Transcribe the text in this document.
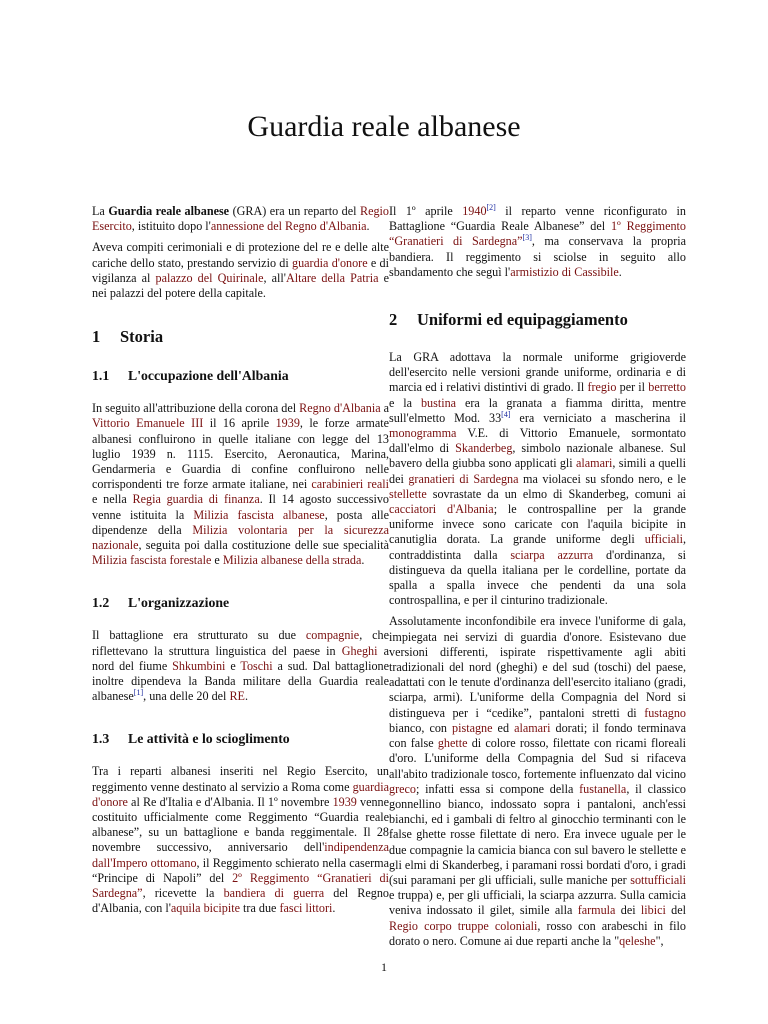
Guardia reale albanese

La Guardia reale albanese (GRA) era un reparto del Regio Esercito, istituito dopo l'annessione del Regno d'Albania.

Aveva compiti cerimoniali e di protezione del re e delle alte cariche dello stato, prestando servizio di guardia d'onore e di vigilanza al palazzo del Quirinale, all'Altare della Patria e nei palazzi del potere della capitale.

1 Storia
1.1 L'occupazione dell'Albania

In seguito all'attribuzione della corona del Regno d'Albania a Vittorio Emanuele III il 16 aprile 1939, le forze armate albanesi confluirono in quelle italiane con legge del 13 luglio 1939 n. 1115. Esercito, Aeronautica, Marina, Gendarmeria e Guardia di confine confluirono nelle corrispondenti tre forze armate italiane, nei carabinieri reali e nella Regia guardia di finanza. Il 14 agosto successivo venne istituita la Milizia fascista albanese, posta alle dipendenze della Milizia volontaria per la sicurezza nazionale, seguita poi dalla costituzione delle sue specialità Milizia fascista forestale e Milizia albanese della strada.

1.2 L'organizzazione

Il battaglione era strutturato su due compagnie, che riflettevano la struttura linguistica del paese in Gheghi a nord del fiume Shkumbini e Toschi a sud. Dal battaglione inoltre dipendeva la Banda militare della Guardia reale albanese[1], una delle 20 del RE.

1.3 Le attività e lo scioglimento

Tra i reparti albanesi inseriti nel Regio Esercito, un reggimento venne destinato al servizio a Roma come guardia d'onore al Re d'Italia e d'Albania. Il 1º novembre 1939 venne costituito ufficialmente come Reggimento “Guardia reale albanese”, su un battaglione e banda reggimentale. Il 28 novembre successivo, anniversario dell'indipendenza dall'Impero ottomano, il Reggimento schierato nella caserma “Principe di Napoli” del 2º Reggimento “Granatieri di Sardegna”, ricevette la bandiera di guerra del Regno d'Albania, con l'aquila bicipite tra due fasci littori.

Il 1º aprile 1940[2] il reparto venne riconfigurato in Battaglione “Guardia Reale Albanese” del 1º Reggimento “Granatieri di Sardegna”[3], ma conservava la propria bandiera. Il reggimento si sciolse in seguito allo sbandamento che seguì l'armistizio di Cassibile.

2 Uniformi ed equipaggiamento

La GRA adottava la normale uniforme grigioverde dell'esercito nelle versioni grande uniforme, ordinaria e di marcia ed i relativi distintivi di grado. Il fregio per il berretto e la bustina era la granata a fiamma diritta, mentre sull'elmetto Mod. 33[4] era verniciato a mascherina il monogramma V.E. di Vittorio Emanuele, sormontato dall'elmo di Skanderbeg, simbolo nazionale albanese. Sul bavero della giubba sono applicati gli alamari, simili a quelli dei granatieri di Sardegna ma violacei su sfondo nero, e le stellette sovrastate da un elmo di Skanderbeg, comuni ai cacciatori d'Albania; le controspalline per la grande uniforme invece sono caricate con l'aquila bicipite in canutiglia dorata. La grande uniforme degli ufficiali, contraddistinta dalla sciarpa azzurra d'ordinanza, si distingueva da quella italiana per le cordelline, portate da spalla a spalla invece che pendenti da una sola controspallina, e per il cinturino tradizionale.

Assolutamente inconfondibile era invece l'uniforme di gala, impiegata nei servizi di guardia d'onore. Esistevano due versioni differenti, ispirate rispettivamente agli abiti tradizionali del nord (gheghi) e del sud (toschi) del paese, adattati con le tenute d'ordinanza dell'esercito italiano (gradi, sciarpa, armi). L'uniforme della Compagnia del Nord si distingueva per i “cedike”, pantaloni stretti di fustagno bianco, con pistagne ed alamari dorati; il fondo terminava con false ghette di colore rosso, filettate con ricami floreali d'oro. L'uniforme della Compagnia del Sud si rifaceva all'abito tradizionale tosco, fortemente influenzato dal vicino greco; infatti essa si compone della fustanella, il classico gonnellino bianco, indossato sopra i pantaloni, anch'essi bianchi, ed i gambali di feltro al ginocchio terminanti con le false ghette rosse filettate di nero. Era invece uguale per le due compagnie la camicia bianca con sul bavero le stellette e gli elmi di Skanderbeg, i paramani rossi bordati d'oro, i gradi (sui paramani per gli ufficiali, sulle maniche per sottufficiali e truppa) e, per gli ufficiali, la sciarpa azzurra. Sulla camicia veniva indossato il gilet, simile alla farmula dei libici del Regio corpo truppe coloniali, rosso con arabeschi in filo dorato o nero. Comune ai due reparti anche la "qeleshe",

1
